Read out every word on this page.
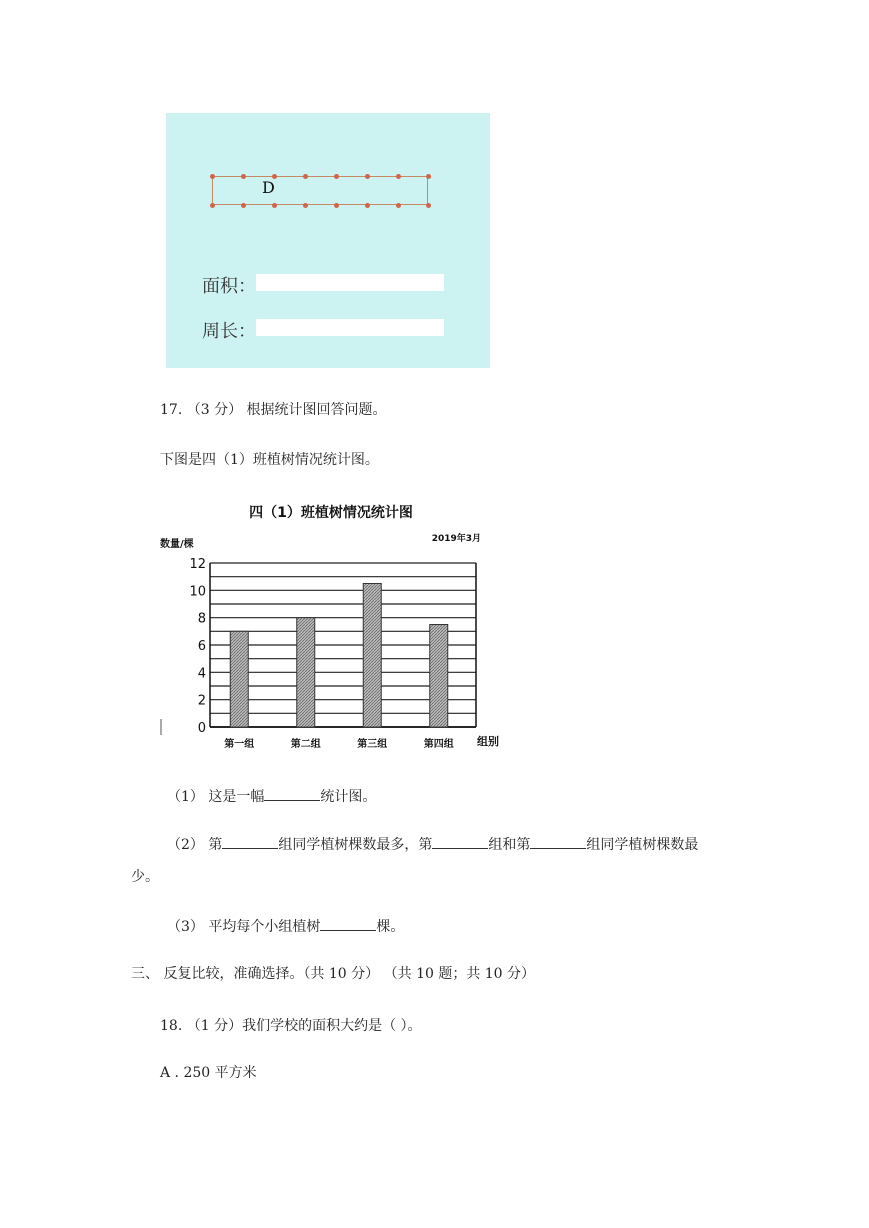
D
面积：
周长：
17. （3 分） 根据统计图回答问题。
下图是四（1）班植树情况统计图。
四（1）班植树情况统计图
数量/棵	2019年3月
组别
0
2
4
6
8
10
12
第一组	第二组	第三组	第四组
（1） 这是一幅	统计图。
（2） 第	组同学植树棵数最多，第	组和第	组同学植树棵数最
少。
（3） 平均每个小组植树	棵。
三、 反复比较，准确选择。（共 10 分） （共 10 题；共 10 分）
18. （1 分）我们学校的面积大约是（ ）。
A . 250 平方米
